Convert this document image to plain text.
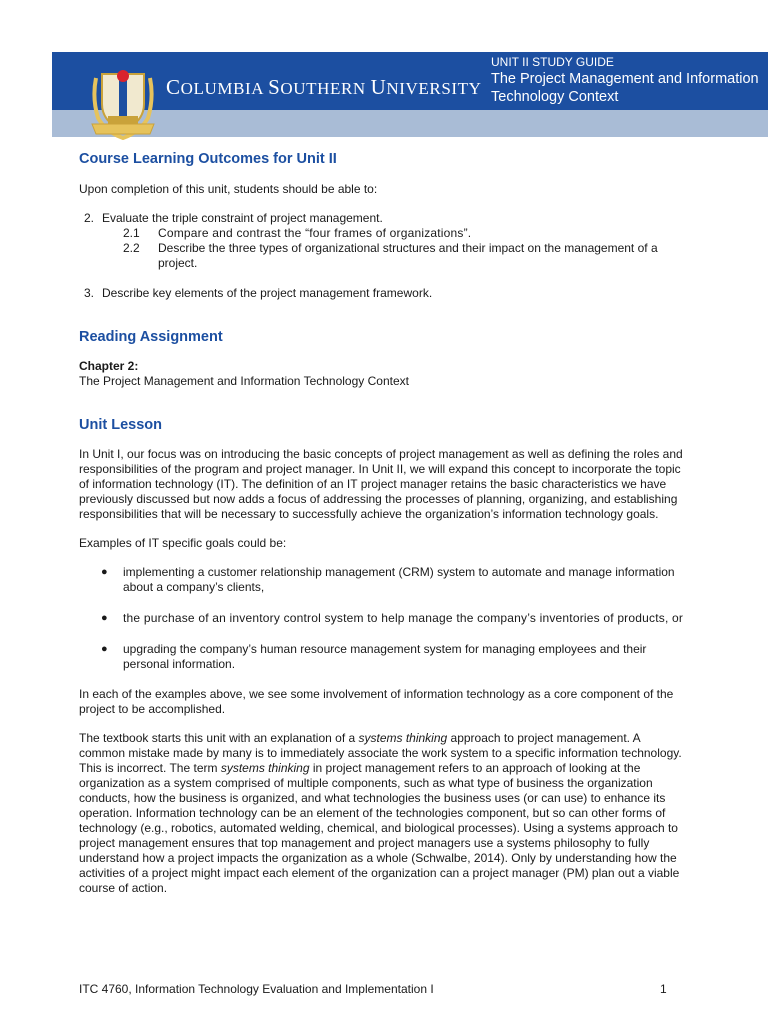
COLUMBIA SOUTHERN UNIVERSITY
UNIT II STUDY GUIDE
The Project Management and Information Technology Context
Course Learning Outcomes for Unit II

Upon completion of this unit, students should be able to:

2. Evaluate the triple constraint of project management.
2.1	Compare and contrast the “four frames of organizations”.
2.2	Describe the three types of organizational structures and their impact on the management of a project.
3. Describe key elements of the project management framework.
Reading Assignment

Chapter 2:

The Project Management and Information Technology Context

Unit Lesson

In Unit I, our focus was on introducing the basic concepts of project management as well as defining the roles and responsibilities of the program and project manager. In Unit II, we will expand this concept to incorporate the topic of information technology (IT). The definition of an IT project manager retains the basic characteristics we have previously discussed but now adds a focus of addressing the processes of planning, organizing, and establishing responsibilities that will be necessary to successfully achieve the organization’s information technology goals.

Examples of IT specific goals could be:

●	implementing a customer relationship management (CRM) system to automate and manage information about a company’s clients,
●	the purchase of an inventory control system to help manage the company’s inventories of products, or
●	upgrading the company’s human resource management system for managing employees and their personal information.

In each of the examples above, we see some involvement of information technology as a core component of the project to be accomplished.

The textbook starts this unit with an explanation of a systems thinking approach to project management. A common mistake made by many is to immediately associate the work system to a specific information technology. This is incorrect. The term systems thinking in project management refers to an approach of looking at the organization as a system comprised of multiple components, such as what type of business the organization conducts, how the business is organized, and what technologies the business uses (or can use) to enhance its operation. Information technology can be an element of the technologies component, but so can other forms of technology (e.g., robotics, automated welding, chemical, and biological processes). Using a systems approach to project management ensures that top management and project managers use a systems philosophy to fully understand how a project impacts the organization as a whole (Schwalbe, 2014). Only by understanding how the activities of a project might impact each element of the organization can a project manager (PM) plan out a viable course of action.

ITC 4760, Information Technology Evaluation and Implementation I	1
